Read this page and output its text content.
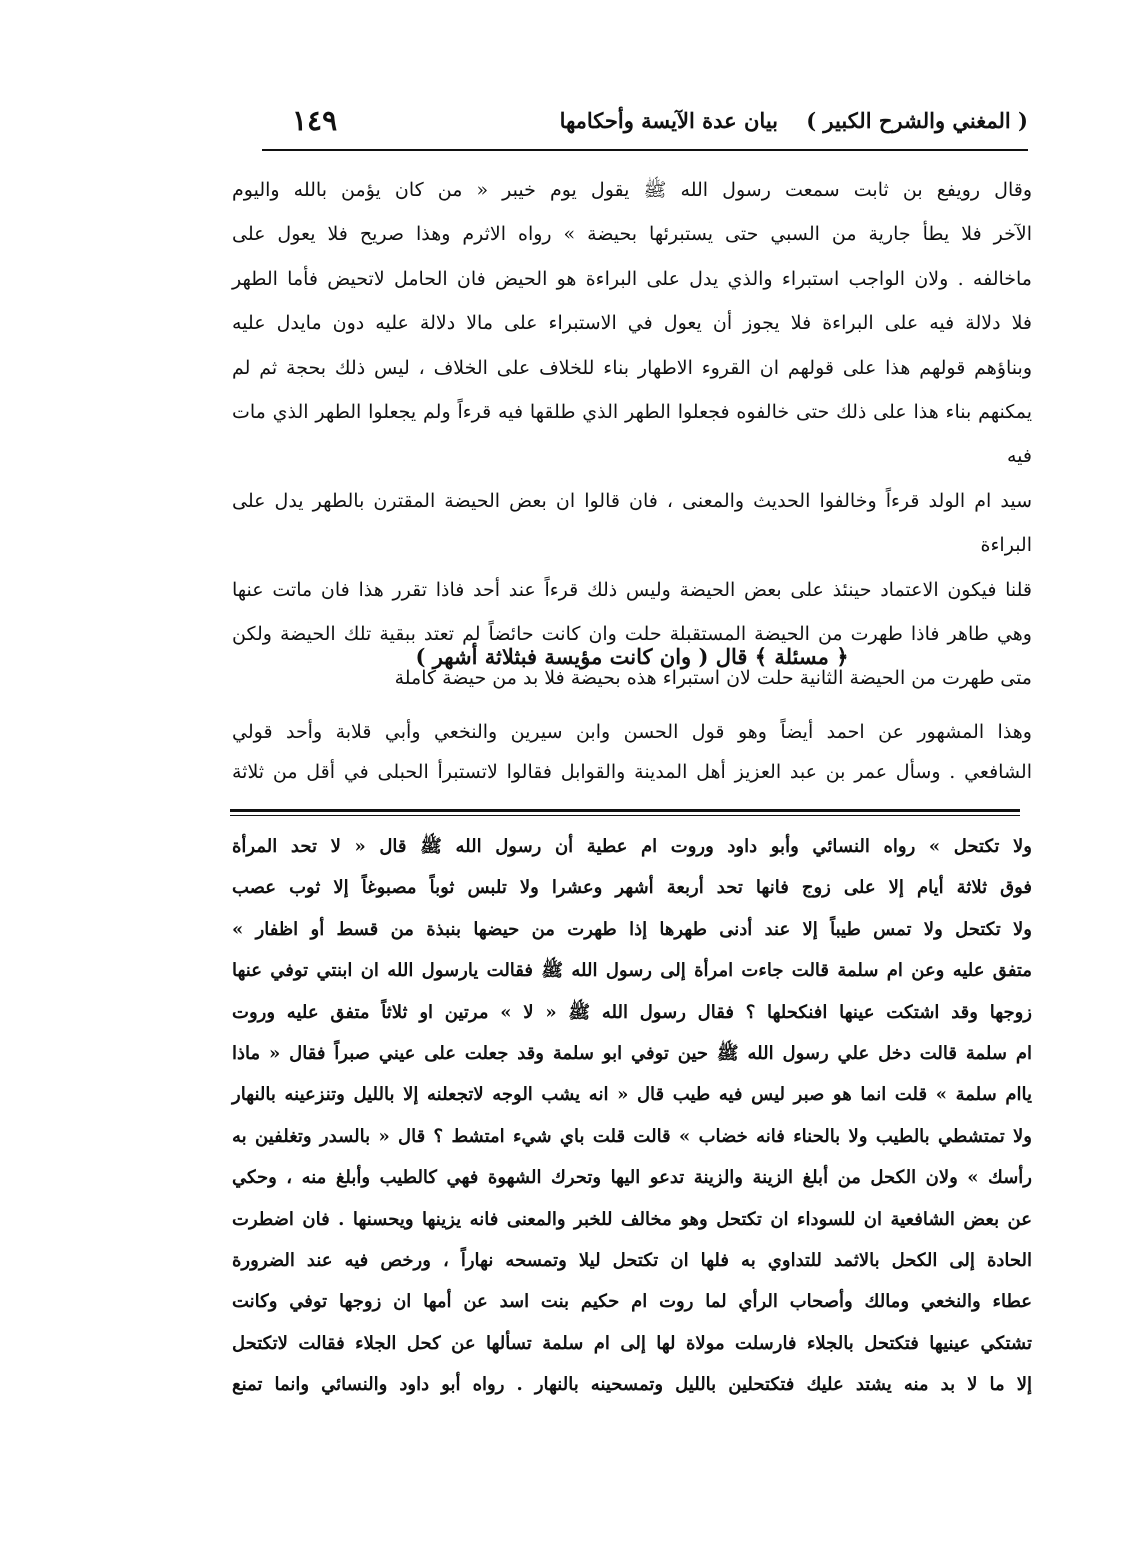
( المغني والشرح الكبير )
بيان عدة الآيسة وأحكامها
١٤٩

وقال رويفع بن ثابت سمعت رسول الله ﷺ يقول يوم خيبر « من كان يؤمن بالله واليوم

الآخر فلا يطأ جارية من السبي حتى يستبرئها بحيضة » رواه الاثرم وهذا صريح فلا يعول على

ماخالفه . ولان الواجب استبراء والذي يدل على البراءة هو الحيض فان الحامل لاتحيض فأما الطهر

فلا دلالة فيه على البراءة فلا يجوز أن يعول في الاستبراء على مالا دلالة عليه دون مايدل عليه

وبناؤهم قولهم هذا على قولهم ان القروء الاطهار بناء للخلاف على الخلاف ، ليس ذلك بحجة ثم لم

يمكنهم بناء هذا على ذلك حتى خالفوه فجعلوا الطهر الذي طلقها فيه قرءاً ولم يجعلوا الطهر الذي مات فيه

سيد ام الولد قرءاً وخالفوا الحديث والمعنى ، فان قالوا ان بعض الحيضة المقترن بالطهر يدل على البراءة

قلنا فيكون الاعتماد حينئذ على بعض الحيضة وليس ذلك قرءاً عند أحد فاذا تقرر هذا فان ماتت عنها

وهي طاهر فاذا طهرت من الحيضة المستقبلة حلت وان كانت حائضاً لم تعتد ببقية تلك الحيضة ولكن

متى طهرت من الحيضة الثانية حلت لان استبراء هذه بحيضة فلا بد من حيضة كاملة

﴿ مسئلة ﴾ قال ( وان كانت مؤيسة فبثلاثة أشهر )

وهذا المشهور عن احمد أيضاً وهو قول الحسن وابن سيرين والنخعي وأبي قلابة وأحد قولي

الشافعي . وسأل عمر بن عبد العزيز أهل المدينة والقوابل فقالوا لاتستبرأ الحبلى في أقل من ثلاثة

ولا تكتحل » رواه النسائي وأبو داود وروت ام عطية أن رسول الله ﷺ قال « لا تحد المرأة

فوق ثلاثة أيام إلا على زوج فانها تحد أربعة أشهر وعشرا ولا تلبس ثوباً مصبوغاً إلا ثوب عصب

ولا تكتحل ولا تمس طيباً إلا عند أدنى طهرها إذا طهرت من حيضها بنبذة من قسط أو اظفار »

متفق عليه وعن ام سلمة قالت جاءت امرأة إلى رسول الله ﷺ فقالت يارسول الله ان ابنتي توفي عنها

زوجها وقد اشتكت عينها افنكحلها ؟ فقال رسول الله ﷺ « لا » مرتين او ثلاثاً متفق عليه وروت

ام سلمة قالت دخل علي رسول الله ﷺ حين توفي ابو سلمة وقد جعلت على عيني صبراً فقال « ماذا

ياام سلمة » قلت انما هو صبر ليس فيه طيب قال « انه يشب الوجه لاتجعلنه إلا بالليل وتنزعينه بالنهار

ولا تمتشطي بالطيب ولا بالحناء فانه خضاب » قالت قلت باي شيء امتشط ؟ قال « بالسدر وتغلفين به

رأسك » ولان الكحل من أبلغ الزينة والزينة تدعو اليها وتحرك الشهوة فهي كالطيب وأبلغ منه ، وحكي

عن بعض الشافعية ان للسوداء ان تكتحل وهو مخالف للخبر والمعنى فانه يزينها ويحسنها . فان اضطرت

الحادة إلى الكحل بالاثمد للتداوي به فلها ان تكتحل ليلا وتمسحه نهاراً ، ورخص فيه عند الضرورة

عطاء والنخعي ومالك وأصحاب الرأي لما روت ام حكيم بنت اسد عن أمها ان زوجها توفي وكانت

تشتكي عينيها فتكتحل بالجلاء فارسلت مولاة لها إلى ام سلمة تسألها عن كحل الجلاء فقالت لاتكتحل

إلا ما لا بد منه يشتد عليك فتكتحلين بالليل وتمسحينه بالنهار . رواه أبو داود والنسائي وانما تمنع
